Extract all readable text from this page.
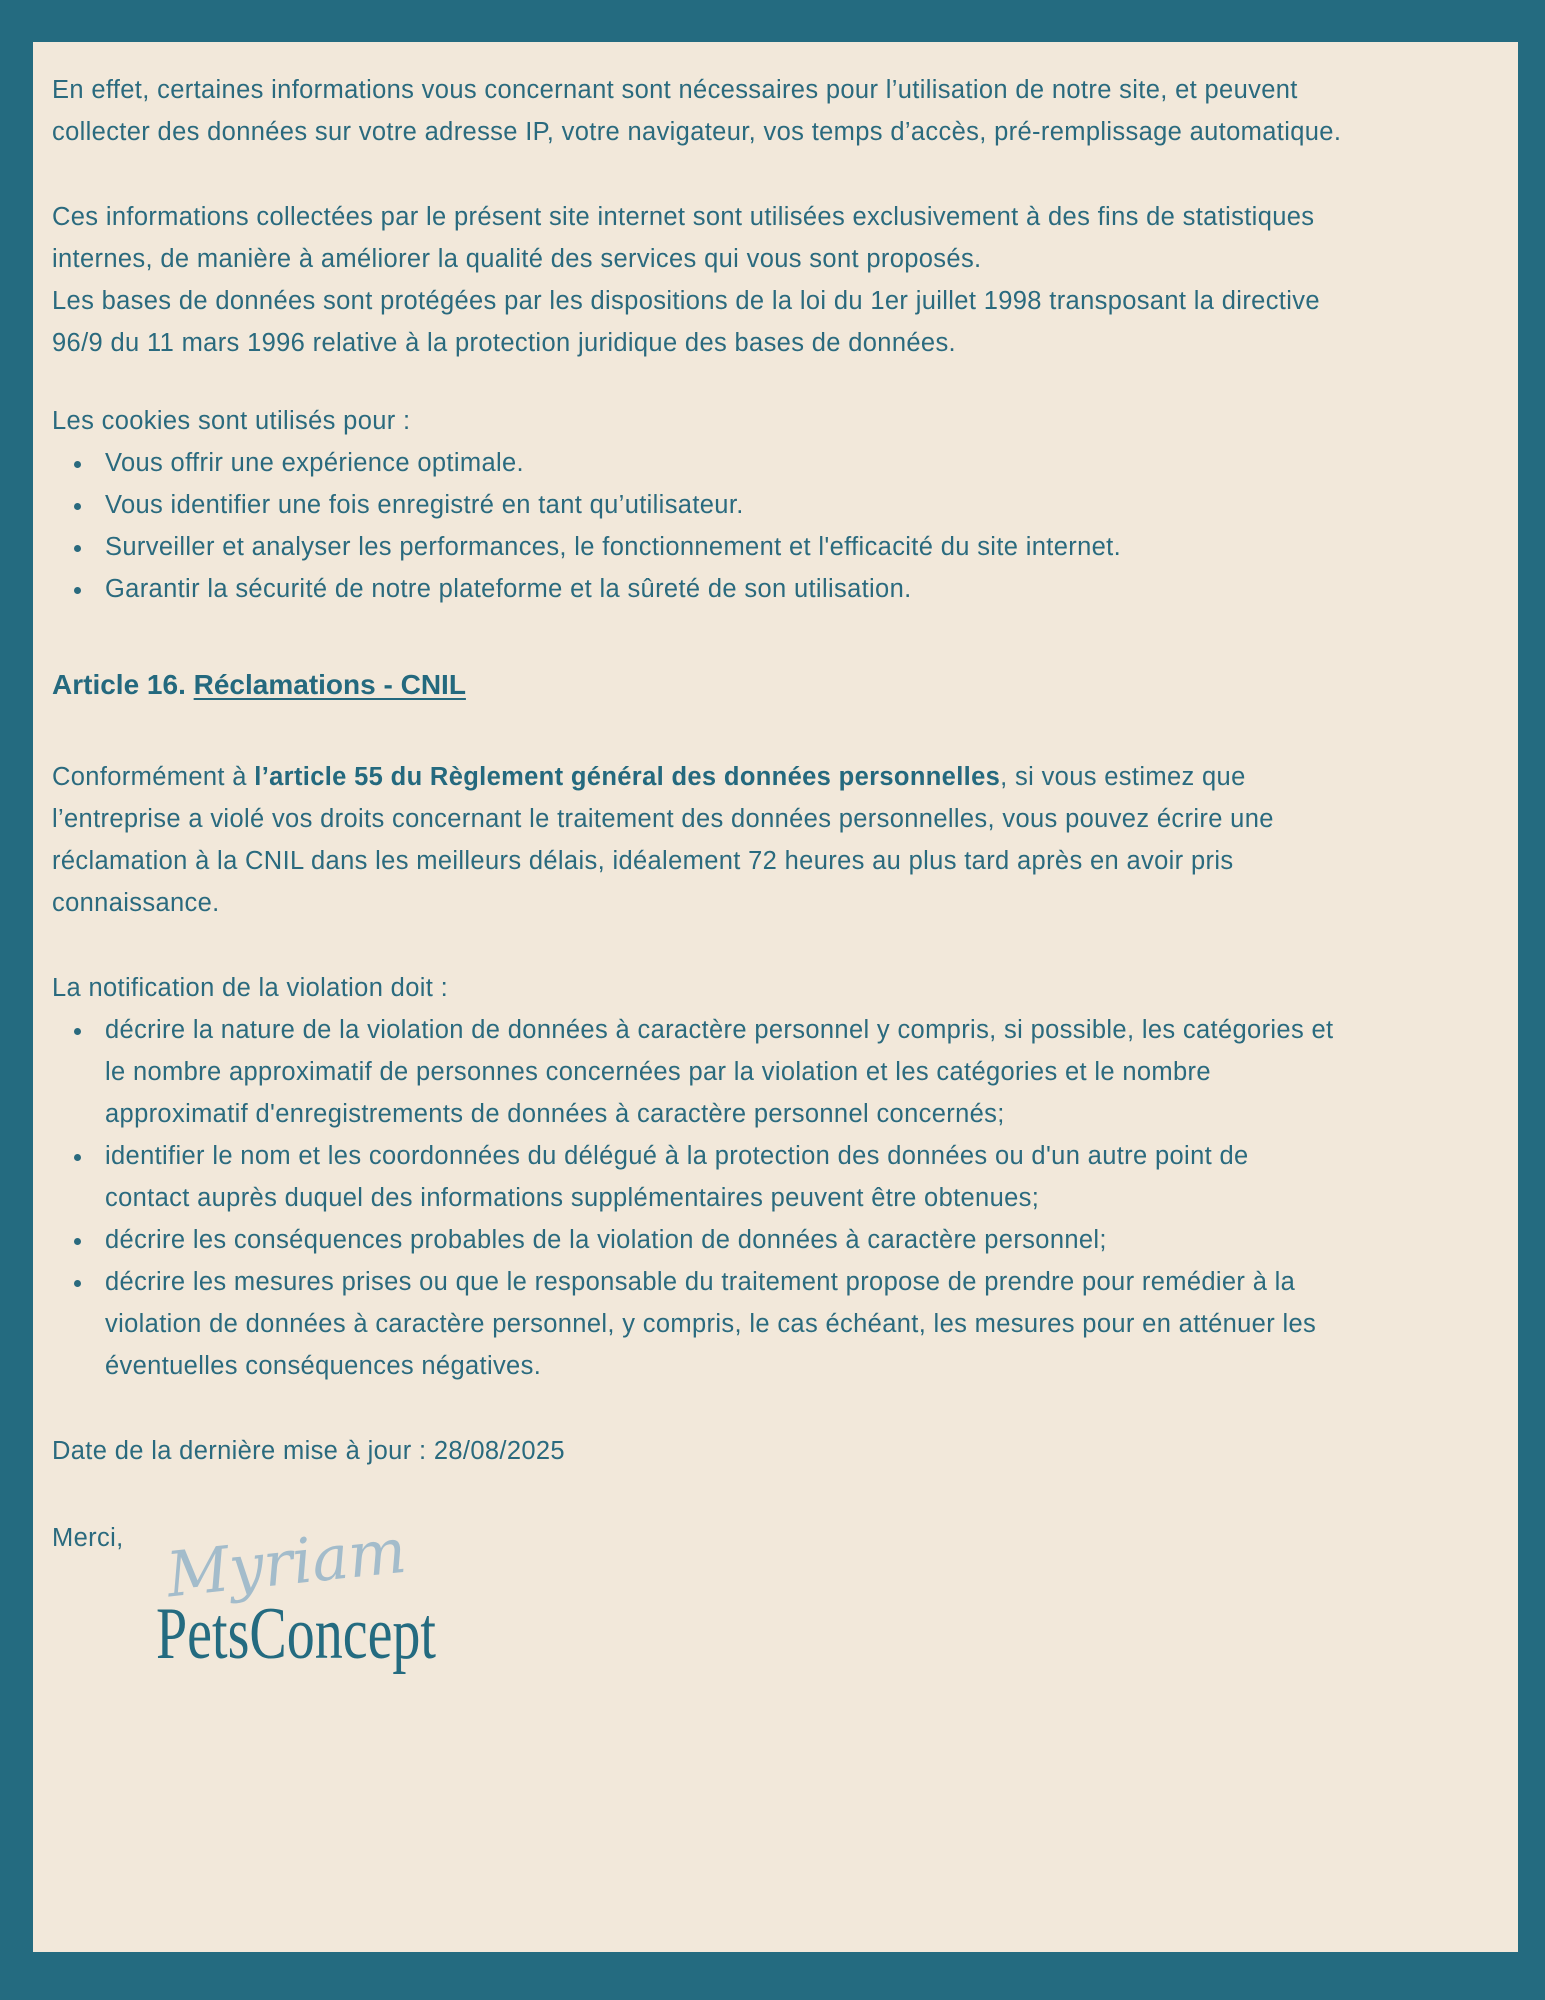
En effet, certaines informations vous concernant sont nécessaires pour l’utilisation de notre site, et peuvent
collecter des données sur votre adresse IP, votre navigateur, vos temps d’accès, pré-remplissage automatique.
Ces informations collectées par le présent site internet sont utilisées exclusivement à des fins de statistiques
internes, de manière à améliorer la qualité des services qui vous sont proposés.
Les bases de données sont protégées par les dispositions de la loi du 1er juillet 1998 transposant la directive
96/9 du 11 mars 1996 relative à la protection juridique des bases de données.
Les cookies sont utilisés pour :
Vous offrir une expérience optimale.
Vous identifier une fois enregistré en tant qu’utilisateur.
Surveiller et analyser les performances, le fonctionnement et l'efficacité du site internet.
Garantir la sécurité de notre plateforme et la sûreté de son utilisation.
Article 16. Réclamations - CNIL
Conformément à l’article 55 du Règlement général des données personnelles, si vous estimez que
l’entreprise a violé vos droits concernant le traitement des données personnelles, vous pouvez écrire une
réclamation à la CNIL dans les meilleurs délais, idéalement 72 heures au plus tard après en avoir pris
connaissance.
La notification de la violation doit :
décrire la nature de la violation de données à caractère personnel y compris, si possible, les catégories et
le nombre approximatif de personnes concernées par la violation et les catégories et le nombre
approximatif d'enregistrements de données à caractère personnel concernés;
identifier le nom et les coordonnées du délégué à la protection des données ou d'un autre point de
contact auprès duquel des informations supplémentaires peuvent être obtenues;
décrire les conséquences probables de la violation de données à caractère personnel;
décrire les mesures prises ou que le responsable du traitement propose de prendre pour remédier à la
violation de données à caractère personnel, y compris, le cas échéant, les mesures pour en atténuer les
éventuelles conséquences négatives.
Date de la dernière mise à jour : 28/08/2025
Merci, Myriam
PetsConcept
